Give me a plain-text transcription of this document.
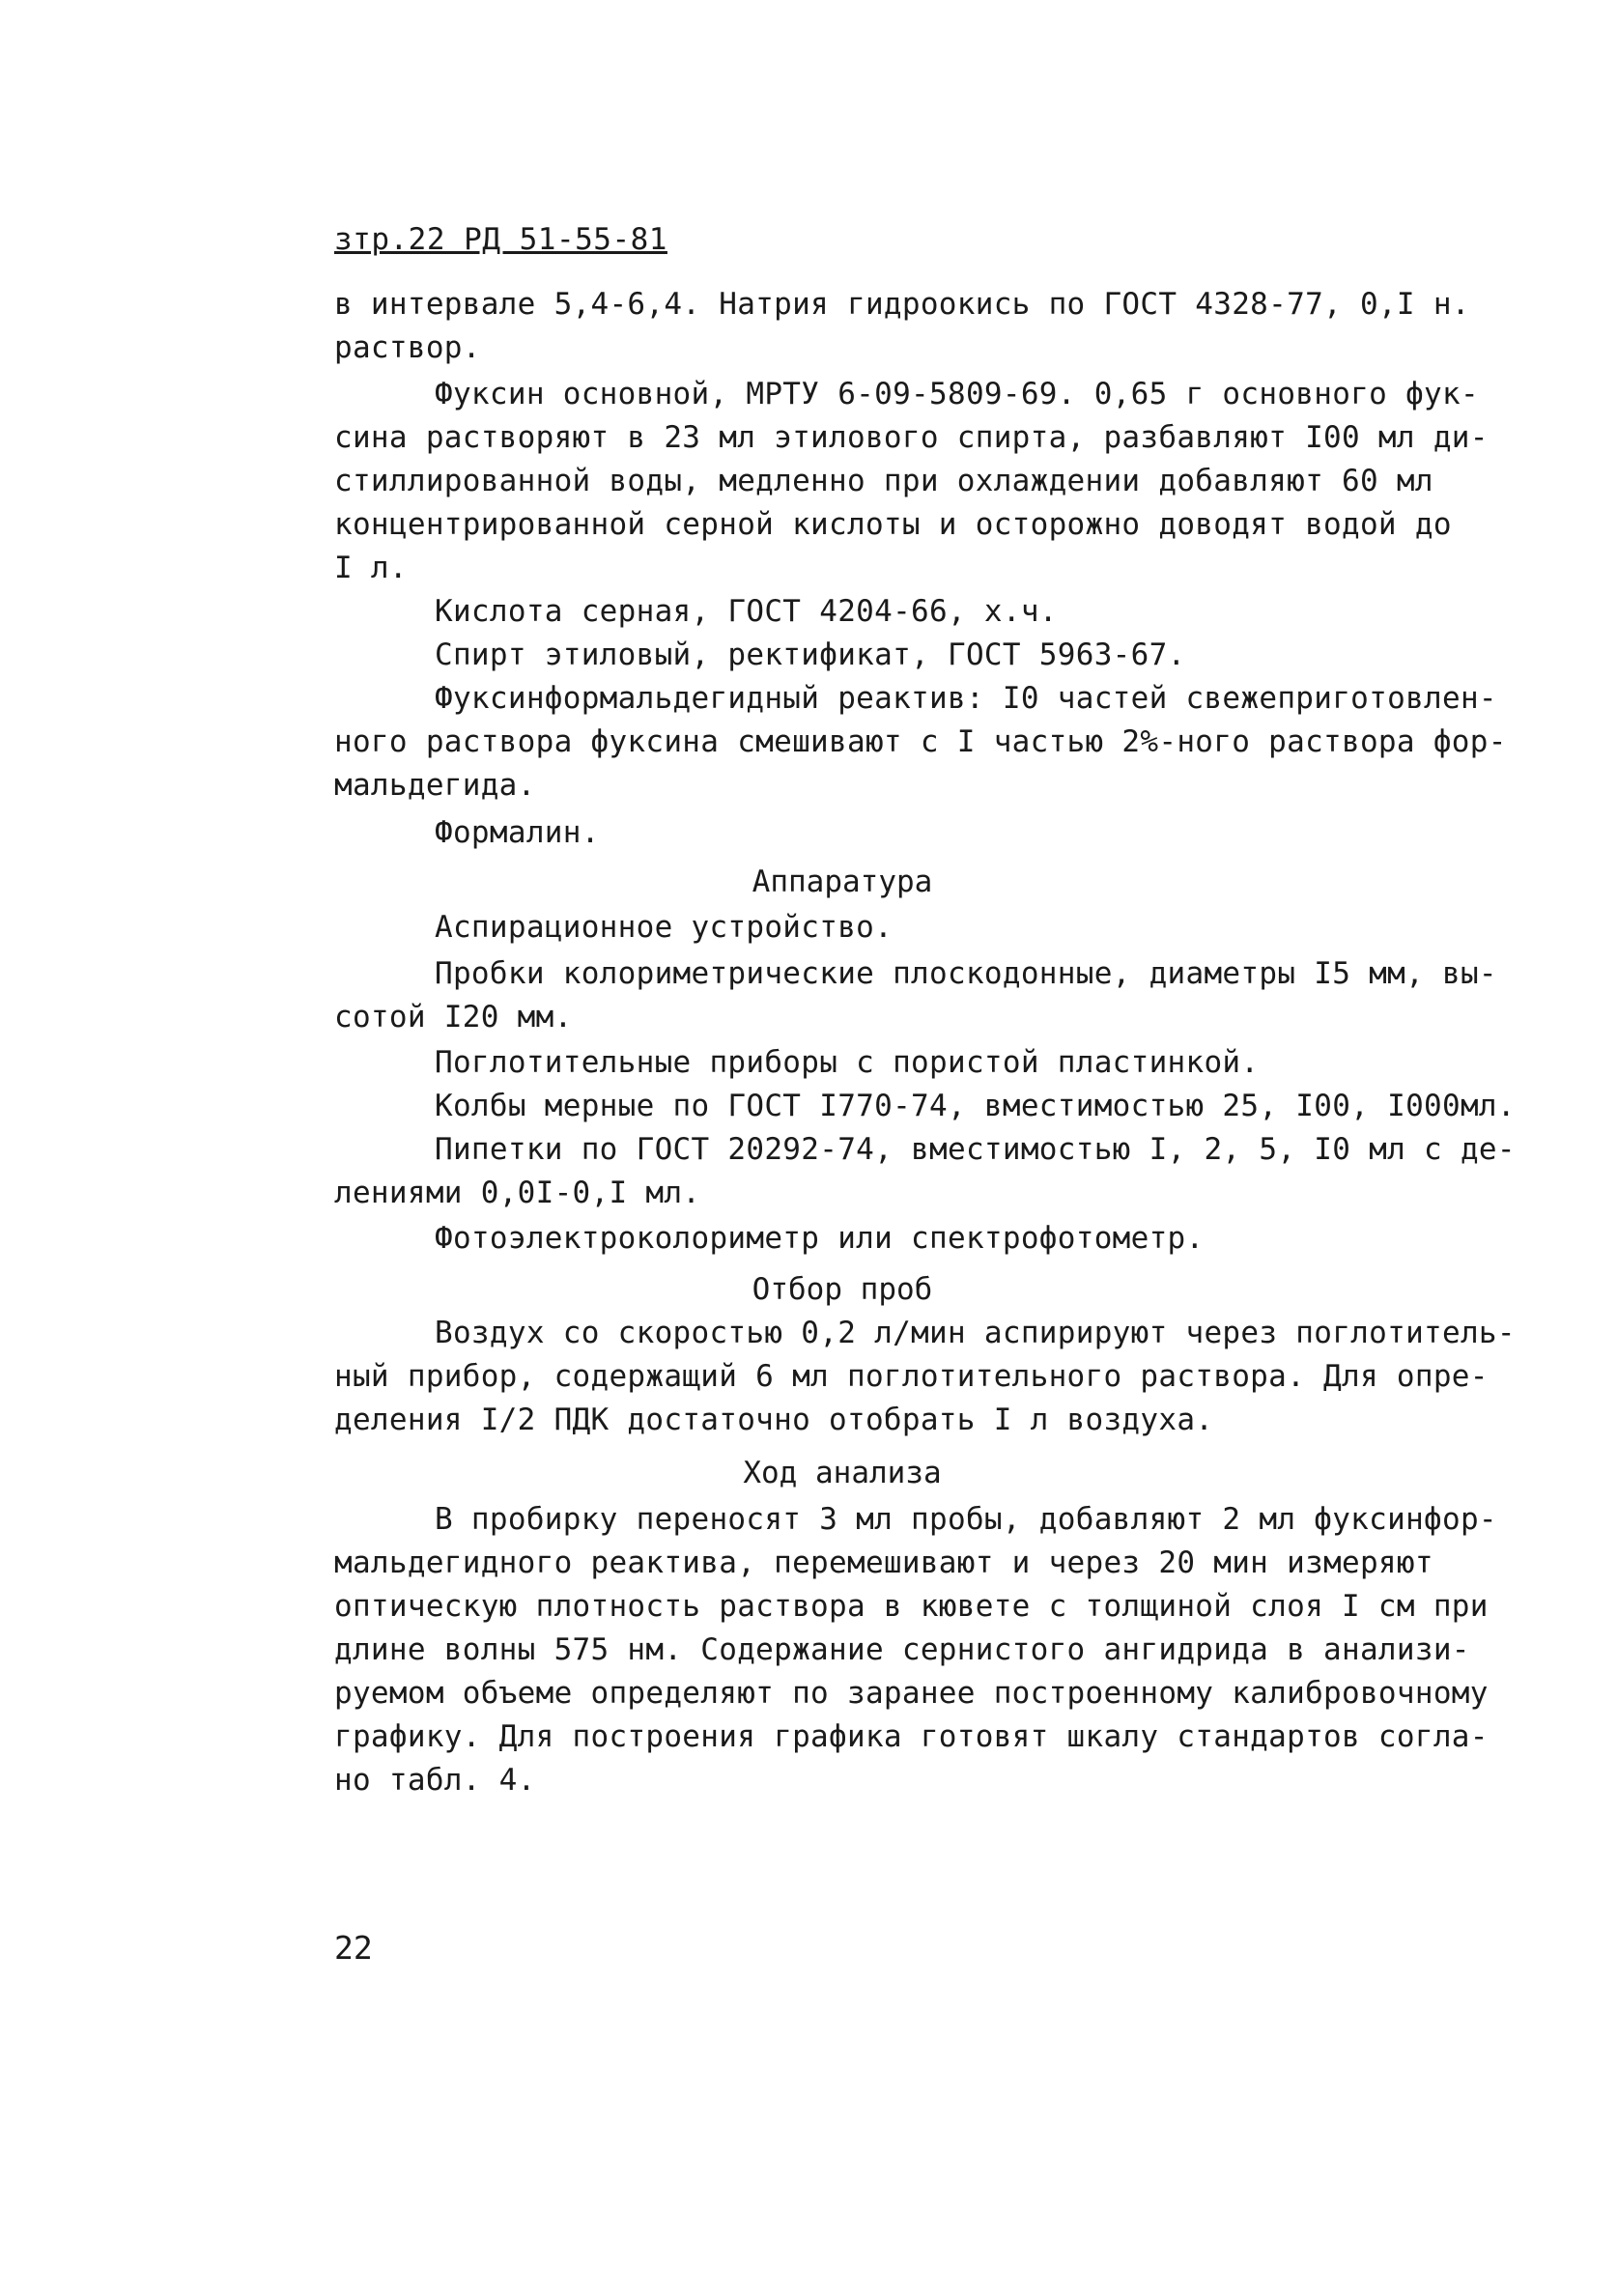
зтр.22 РД 51-55-81
в интервале 5,4-6,4. Натрия гидроокись по ГОСТ 4328-77, 0,I н.
раствор.
Фуксин основной, МРТУ 6-09-5809-69. 0,65 г основного фук-
сина растворяют в 23 мл этилового спирта, разбавляют I00 мл ди-
стиллированной воды, медленно при охлаждении добавляют 60 мл
концентрированной серной кислоты и осторожно доводят водой до
I л.
Кислота серная, ГОСТ 4204-66, х.ч.
Спирт этиловый, ректификат, ГОСТ 5963-67.
Фуксинформальдегидный реактив: I0 частей свежеприготовлен-
ного раствора фуксина смешивают с I частью 2%-ного раствора фор-
мальдегида.
Формалин.
Аппаратура
Аспирационное устройство.
Пробки колориметрические плоскодонные, диаметры I5 мм, вы-
сотой I20 мм.
Поглотительные приборы с пористой пластинкой.
Колбы мерные по ГОСТ I770-74, вместимостью 25, I00, I000мл.
Пипетки по ГОСТ 20292-74, вместимостью I, 2, 5, I0 мл с де-
лениями 0,0I-0,I мл.
Фотоэлектроколориметр или спектрофотометр.
Отбор проб
Воздух со скоростью 0,2 л/мин аспирируют через поглотитель-
ный прибор, содержащий 6 мл поглотительного раствора. Для опре-
деления I/2 ПДК достаточно отобрать I л воздуха.
Ход анализа
В пробирку переносят 3 мл пробы, добавляют 2 мл фуксинфор-
мальдегидного реактива, перемешивают и через 20 мин измеряют
оптическую плотность раствора в кювете с толщиной слоя I см при
длине волны 575 нм. Содержание сернистого ангидрида в анализи-
руемом объеме определяют по заранее построенному калибровочному
графику. Для построения графика готовят шкалу стандартов согла-
но табл. 4.
22
